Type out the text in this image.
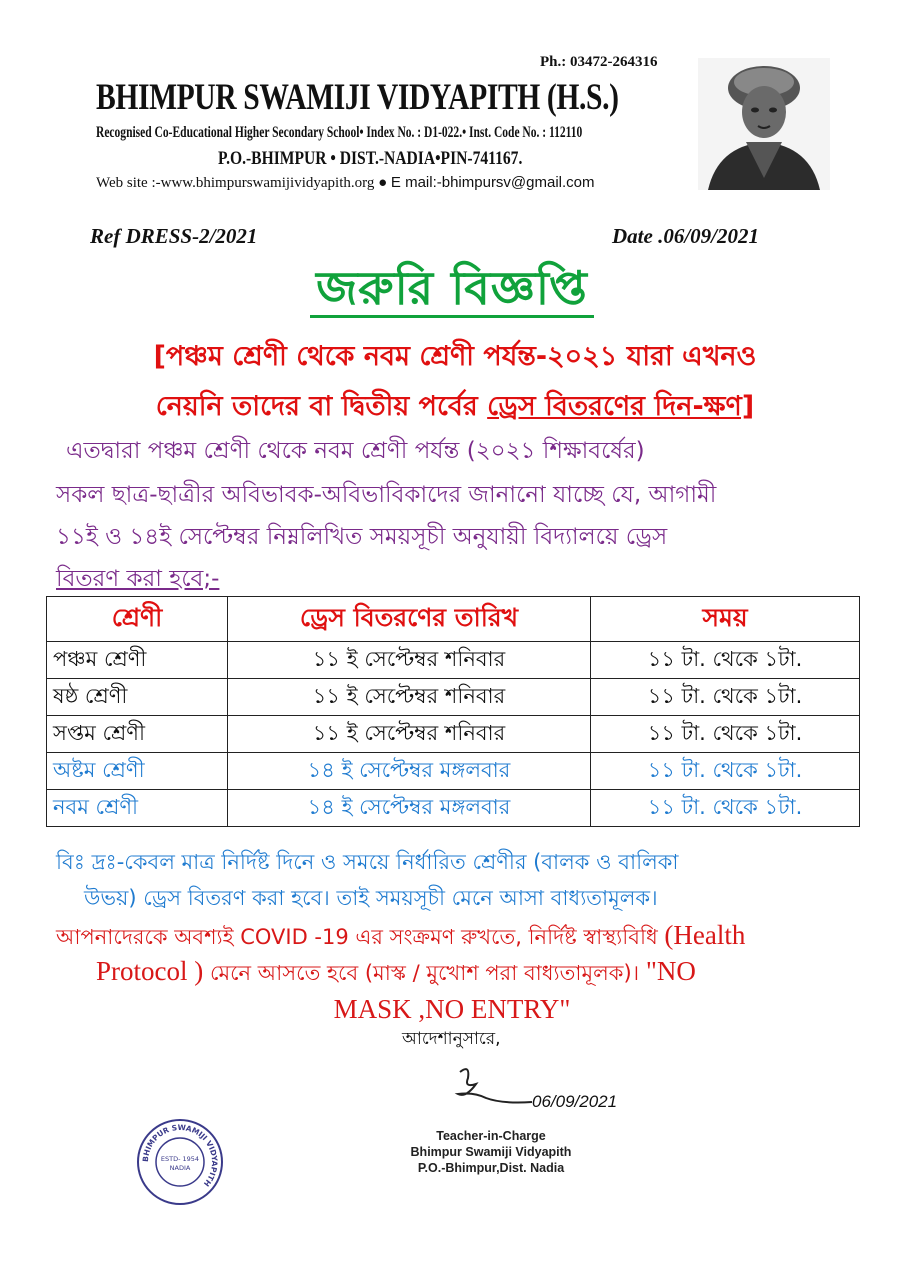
Ph.: 03472-264316
BHIMPUR SWAMIJI VIDYAPITH (H.S.)
Recognised Co-Educational Higher Secondary School• Index No. : D1-022.• Inst. Code No. : 112110
P.O.-BHIMPUR • DIST.-NADIA•PIN-741167.
Web site :-www.bhimpurswamijividyapith.org ● E mail:-bhimpursv@gmail.com
Ref DRESS-2/2021	Date .06/09/2021
জরুরি বিজ্ঞপ্তি
[পঞ্চম শ্রেণী থেকে নবম শ্রেণী পর্যন্ত-২০২১ যারা এখনও
নেয়নি তাদের বা দ্বিতীয় পর্বের ড্রেস বিতরণের দিন-ক্ষণ]
এতদ্বারা পঞ্চম শ্রেণী থেকে নবম শ্রেণী পর্যন্ত (২০২১ শিক্ষাবর্ষের)
সকল ছাত্র-ছাত্রীর অবিভাবক-অবিভাবিকাদের জানানো যাচ্ছে যে, আগামী
১১ই ও ১৪ই সেপ্টেম্বর নিম্নলিখিত সময়সূচী অনুযায়ী বিদ্যালয়ে ড্রেস
বিতরণ করা হবে;-
শ্রেণী	ড্রেস বিতরণের তারিখ	সময়
পঞ্চম শ্রেণী	১১ ই সেপ্টেম্বর শনিবার	১১ টা. থেকে ১টা.
ষষ্ঠ শ্রেণী	১১ ই সেপ্টেম্বর শনিবার	১১ টা. থেকে ১টা.
সপ্তম শ্রেণী	১১ ই সেপ্টেম্বর শনিবার	১১ টা. থেকে ১টা.
অষ্টম শ্রেণী	১৪ ই সেপ্টেম্বর মঙ্গলবার	১১ টা. থেকে ১টা.
নবম শ্রেণী	১৪ ই সেপ্টেম্বর মঙ্গলবার	১১ টা. থেকে ১টা.
বিঃ দ্রঃ-কেবল মাত্র নির্দিষ্ট দিনে ও সময়ে নির্ধারিত শ্রেণীর (বালক ও বালিকা
উভয়) ড্রেস বিতরণ করা হবে। তাই সময়সূচী মেনে আসা বাধ্যতামূলক।
আপনাদেরকে অবশ্যই COVID -19 এর সংক্রমণ রুখতে, নির্দিষ্ট স্বাস্থ্যবিধি (Health
Protocol ) মেনে আসতে হবে (মাস্ক / মুখোশ পরা বাধ্যতামূলক)। "NO
MASK ,NO ENTRY"
আদেশানুসারে,
06/09/2021
BHIMPUR SWAMIJI VIDYAPITH
ESTD- 1954
NADIA
Teacher-in-Charge
Bhimpur Swamiji Vidyapith
P.O.-Bhimpur,Dist. Nadia
